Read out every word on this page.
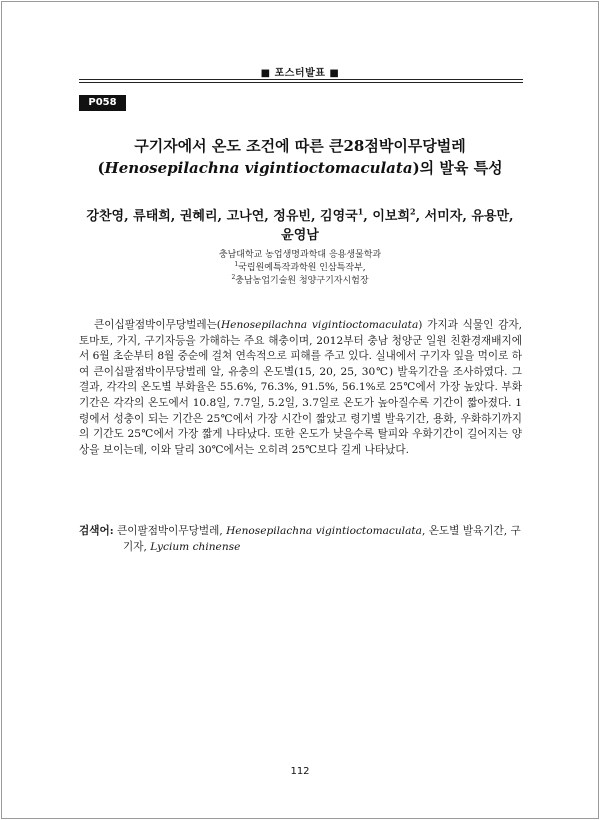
■ 포스터발표 ■
P058
구기자에서 온도 조건에 따른 큰28점박이무당벌레
(Henosepilachna vigintioctomaculata)의 발육 특성
강찬영, 류태희, 권혜리, 고나연, 정유빈, 김영국$^1$, 이보희$^2$, 서미자, 유용만,
윤영남
충남대학교 농업생명과학대 응용생물학과
$^1$국립원예특작과학원 인삼특작부,
$^2$충남농업기술원 청양구기자시험장
큰이십팔점박이무당벌레는(Henosepilachna vigintioctomaculata) 가지과 식물인 감자, 토마토, 가지, 구기자등을 가해하는 주요 해충이며, 2012부터 충남 청양군 일원 친환경재배지에서 6월 초순부터 8월 중순에 걸쳐 연속적으로 피해를 주고 있다. 실내에서 구기자 잎을 먹이로 하여 큰이십팔점박이무당벌레 알, 유충의 온도별(15, 20, 25, 30℃) 발육기간을 조사하였다. 그 결과, 각각의 온도별 부화율은 55.6%, 76.3%, 91.5%, 56.1%로 25℃에서 가장 높았다. 부화기간은 각각의 온도에서 10.8일, 7.7일, 5.2일, 3.7일로 온도가 높아질수록 기간이 짧아졌다. 1령에서 성충이 되는 기간은 25℃에서 가장 시간이 짧았고 령기별 발육기간, 용화, 우화하기까지의 기간도 25℃에서 가장 짧게 나타났다. 또한 온도가 낮을수록 탈피와 우화기간이 길어지는 양상을 보이는데, 이와 달리 30℃에서는 오히려 25℃보다 길게 나타났다.
검색어: 큰이팔점박이무당벌레, Henosepilachna vigintioctomaculata, 온도별 발육기간, 구기자, Lycium chinense
112
